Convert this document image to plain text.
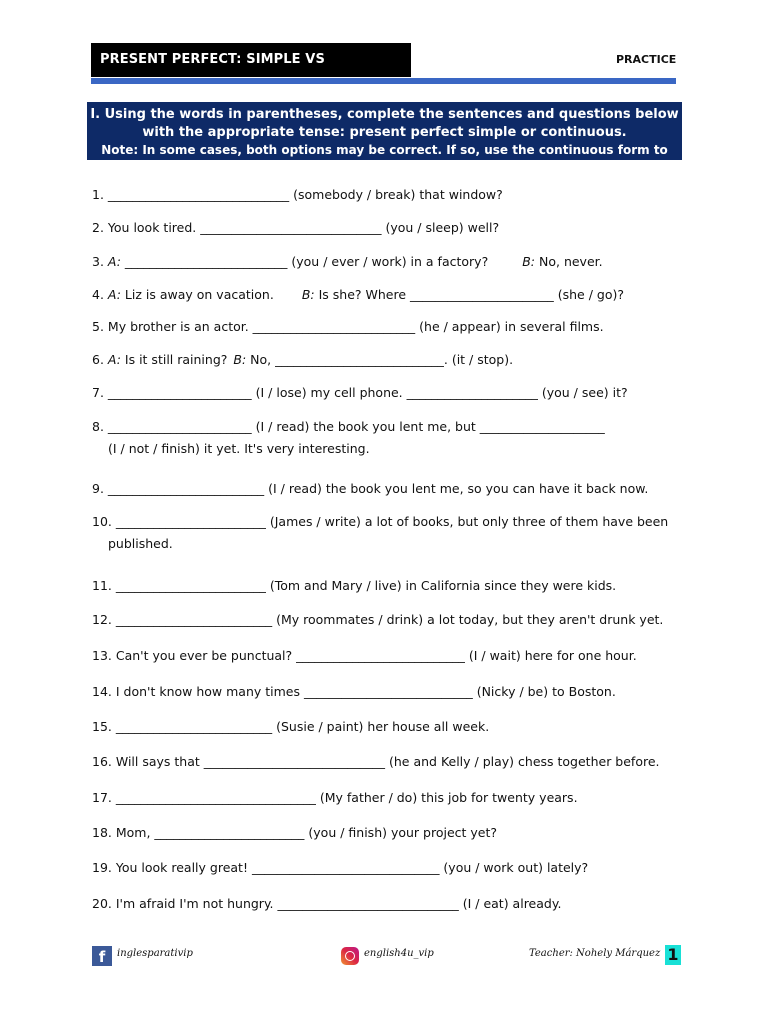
PRESENT PERFECT: SIMPLE VS CONTINUOUS
PRACTICE
I. Using the words in parentheses, complete the sentences and questions below
with the appropriate tense: present perfect simple or continuous.
Note: In some cases, both options may be correct. If so, use the continuous form to practice.
1. _____________________________ (somebody / break) that window?
2. You look tired. _____________________________ (you / sleep) well?
3. A: __________________________ (you / ever / work) in a factory?	B: No, never.
4. A: Liz is away on vacation. B: Is she? Where _______________________ (she / go)?
5. My brother is an actor. __________________________ (he / appear) in several films.
6. A: Is it still raining? B: No, ___________________________. (it / stop).
7. _______________________ (I / lose) my cell phone. _____________________ (you / see) it?
8. _______________________ (I / read) the book you lent me, but ____________________
(I / not / finish) it yet. It's very interesting.
9. _________________________ (I / read) the book you lent me, so you can have it back now.
10. ________________________ (James / write) a lot of books, but only three of them have been
published.
11. ________________________ (Tom and Mary / live) in California since they were kids.
12. _________________________ (My roommates / drink) a lot today, but they aren't drunk yet.
13. Can't you ever be punctual? ___________________________ (I / wait) here for one hour.
14. I don't know how many times ___________________________ (Nicky / be) to Boston.
15. _________________________ (Susie / paint) her house all week.
16. Will says that _____________________________ (he and Kelly / play) chess together before.
17. ________________________________ (My father / do) this job for twenty years.
18. Mom, ________________________ (you / finish) your project yet?
19. You look really great! ______________________________ (you / work out) lately?
20. I'm afraid I'm not hungry. _____________________________ (I / eat) already.
f	inglesparativip	english4u_vip	Teacher: Nohely Márquez 1
